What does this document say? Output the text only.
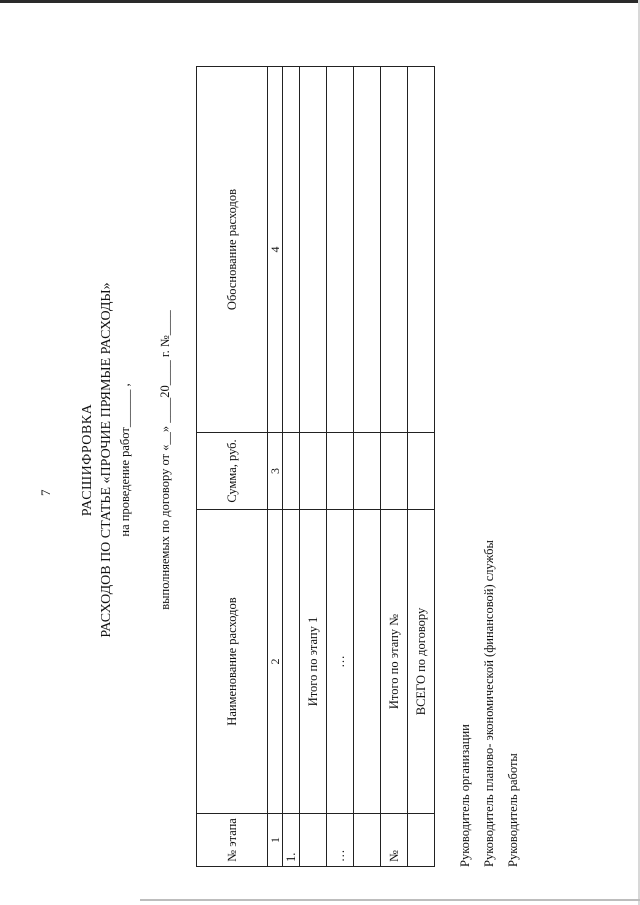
7 РАСШИФРОВКА РАСХОДОВ ПО СТАТЬЕ «ПРОЧИЕ ПРЯМЫЕ РАСХОДЫ» на проведение работ______ , выполняемых по договору от «__» ____20____ г. №____
№ этапа	Наименование расходов	Сумма, руб.	Обоснование расходов
1	2	3	4
1.			
	Итого по этапу 1		
…	…		

№	Итого по этапу №		
	ВСЕГО по договору		
Руководитель организации Руководитель планово- экономической (финансовой) службы Руководитель работы
